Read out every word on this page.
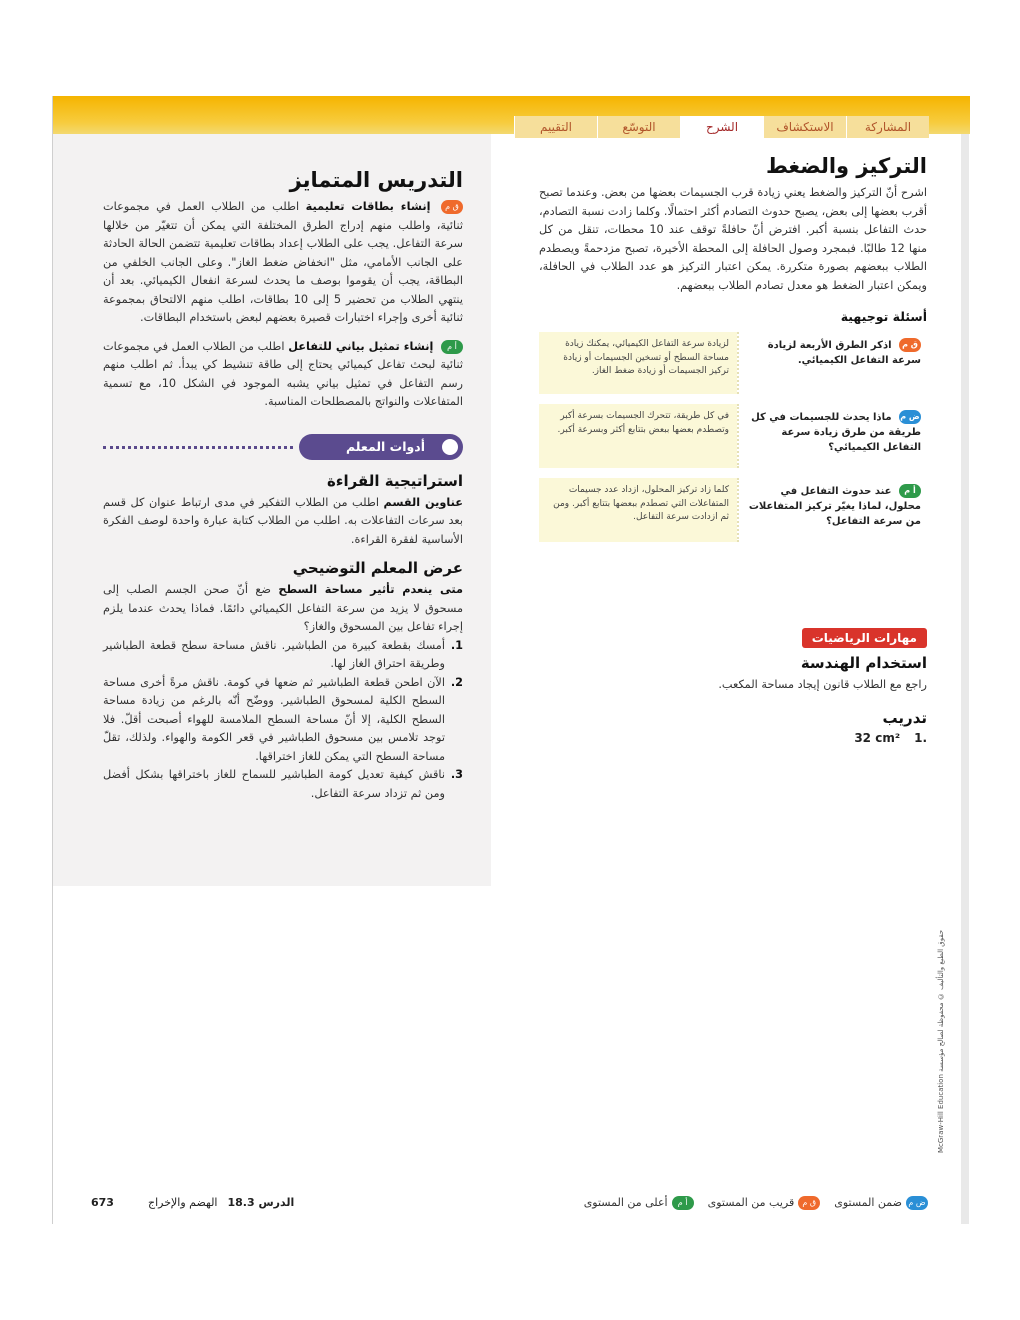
المشاركة
الاستكشاف
الشرح
التوسّع
التقييم
التركيز والضغط

اشرح أنّ التركيز والضغط يعني زيادة قرب الجسيمات بعضها من بعض. وعندما تصبح أقرب بعضها إلى بعض، يصبح حدوث التصادم أكثر احتمالًا. وكلما زادت نسبة التصادم، حدث التفاعل بنسبة أكبر. افترض أنّ حافلةً توقف عند 10 محطات، تنقل من كل منها 12 طالبًا. فبمجرد وصول الحافلة إلى المحطة الأخيرة، تصبح مزدحمةً ويصطدم الطلاب ببعضهم بصورة متكررة. يمكن اعتبار التركيز هو عدد الطلاب في الحافلة، ويمكن اعتبار الضغط هو معدل تصادم الطلاب ببعضهم.

أسئلة توجيهية
ق م اذكر الطرق الأربعة لزيادة سرعة التفاعل الكيميائي.
لزيادة سرعة التفاعل الكيميائي، يمكنك زيادة مساحة السطح أو تسخين الجسيمات أو زيادة تركيز الجسيمات أو زيادة ضغط الغاز.
ض م ماذا يحدث للجسيمات في كل طريقة من طرق زيادة سرعة التفاعل الكيميائي؟
في كل طريقة، تتحرك الجسيمات بسرعة أكبر وتصطدم بعضها ببعض بتتابع أكثر وبسرعة أكبر.
أ م عند حدوث التفاعل في محلول، لماذا يغيّر تركيز المتفاعلات من سرعة التفاعل؟
كلما زاد تركيز المحلول، ازداد عدد جسيمات المتفاعلات التي تصطدم ببعضها بتتابع أكبر. ومن ثم ازدادت سرعة التفاعل.
مهارات الرياضيات
استخدام الهندسة

راجع مع الطلاب قانون إيجاد مساحة المكعب.

تدريب
.1
32 cm²
التدريس المتمايز

ق م إنشاء بطاقات تعليمية اطلب من الطلاب العمل في مجموعات ثنائية، واطلب منهم إدراج الطرق المختلفة التي يمكن أن تتغيّر من خلالها سرعة التفاعل. يجب على الطلاب إعداد بطاقات تعليمية تتضمن الحالة الحادثة على الجانب الأمامي، مثل "انخفاض ضغط الغاز". وعلى الجانب الخلفي من البطاقة، يجب أن يقوموا بوصف ما يحدث لسرعة انفعال الكيميائي. بعد أن ينتهي الطلاب من تحضير 5 إلى 10 بطاقات، اطلب منهم الالتحاق بمجموعة ثنائية أخرى وإجراء اختبارات قصيرة بعضهم لبعض باستخدام البطاقات.

أ م إنشاء تمثيل بياني للتفاعل اطلب من الطلاب العمل في مجموعات ثنائية لبحث تفاعل كيميائي يحتاج إلى طاقة تنشيط كي يبدأ. ثم اطلب منهم رسم التفاعل في تمثيل بياني يشبه الموجود في الشكل 10، مع تسمية المتفاعلات والنواتج بالمصطلحات المناسبة.

أدوات المعلم
استراتيجية القراءة

عناوين القسم اطلب من الطلاب التفكير في مدى ارتباط عنوان كل قسم بعد سرعات التفاعلات به. اطلب من الطلاب كتابة عبارة واحدة لوصف الفكرة الأساسية لفقرة القراءة.

عرض المعلم التوضيحي

متى ينعدم تأثير مساحة السطح ضع أنّ صحن الجسم الصلب إلى مسحوق لا يزيد من سرعة التفاعل الكيميائي دائمًا. فماذا يحدث عندما يلزم إجراء تفاعل بين المسحوق والغاز؟

1.
أمسك بقطعة كبيرة من الطباشير. ناقش مساحة سطح قطعة الطباشير وطريقة احتراق الغاز لها.
2.
الآن اطحن قطعة الطباشير ثم ضعها في كومة. ناقش مرةً أخرى مساحة السطح الكلية لمسحوق الطباشير. ووضّح أنّه بالرغم من زيادة مساحة السطح الكلية، إلا أنّ مساحة السطح الملامسة للهواء أصبحت أقلّ. فلا توجد تلامس بين مسحوق الطباشير في قعر الكومة والهواء. ولذلك، تقلّ مساحة السطح التي يمكن للغاز اختراقها.
3.
ناقش كيفية تعديل كومة الطباشير للسماح للغاز باختراقها بشكل أفضل ومن ثم تزداد سرعة التفاعل.
673	الهضم والإخراج الدرس 18.3	ض مضمن المستوى
ق مقريب من المستوى
أ مأعلى من المستوى
حقوق الطبع والتأليف © محفوظة لصالح مؤسسة McGraw-Hill Education
